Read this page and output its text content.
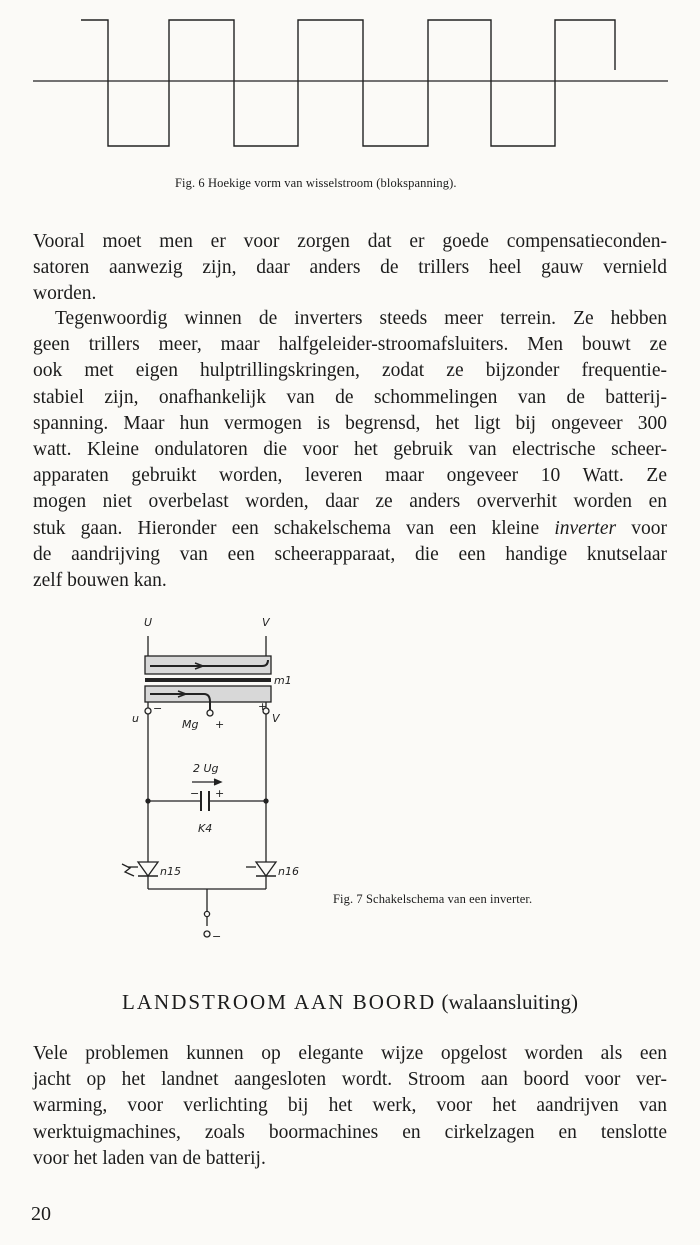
Fig. 6 Hoekige vorm van wisselstroom (blokspanning).
Vooral moet men er voor zorgen dat er goede compensatieconden-
satoren aanwezig zijn, daar anders de trillers heel gauw vernield
worden.
Tegenwoordig winnen de inverters steeds meer terrein. Ze hebben
geen trillers meer, maar halfgeleider-stroomafsluiters. Men bouwt ze
ook met eigen hulptrillingskringen, zodat ze bijzonder frequentie-
stabiel zijn, onafhankelijk van de schommelingen van de batterij-
spanning. Maar hun vermogen is begrensd, het ligt bij ongeveer 300
watt. Kleine ondulatoren die voor het gebruik van electrische scheer-
apparaten gebruikt worden, leveren maar ongeveer 10 Watt. Ze
mogen niet overbelast worden, daar ze anders oververhit worden en
stuk gaan. Hieronder een schakelschema van een kleine inverter voor
de aandrijving van een scheerapparaat, die een handige knutselaar
zelf bouwen kan.
U	V
m1
u	V
Mg
−
+
+
2 Ug
− +
K4
n15	n16
−
Fig. 7 Schakelschema van een inverter.
LANDSTROOM AAN BOORD (walaansluiting)
Vele problemen kunnen op elegante wijze opgelost worden als een
jacht op het landnet aangesloten wordt. Stroom aan boord voor ver-
warming, voor verlichting bij het werk, voor het aandrijven van
werktuigmachines, zoals boormachines en cirkelzagen en tenslotte
voor het laden van de batterij.
20
